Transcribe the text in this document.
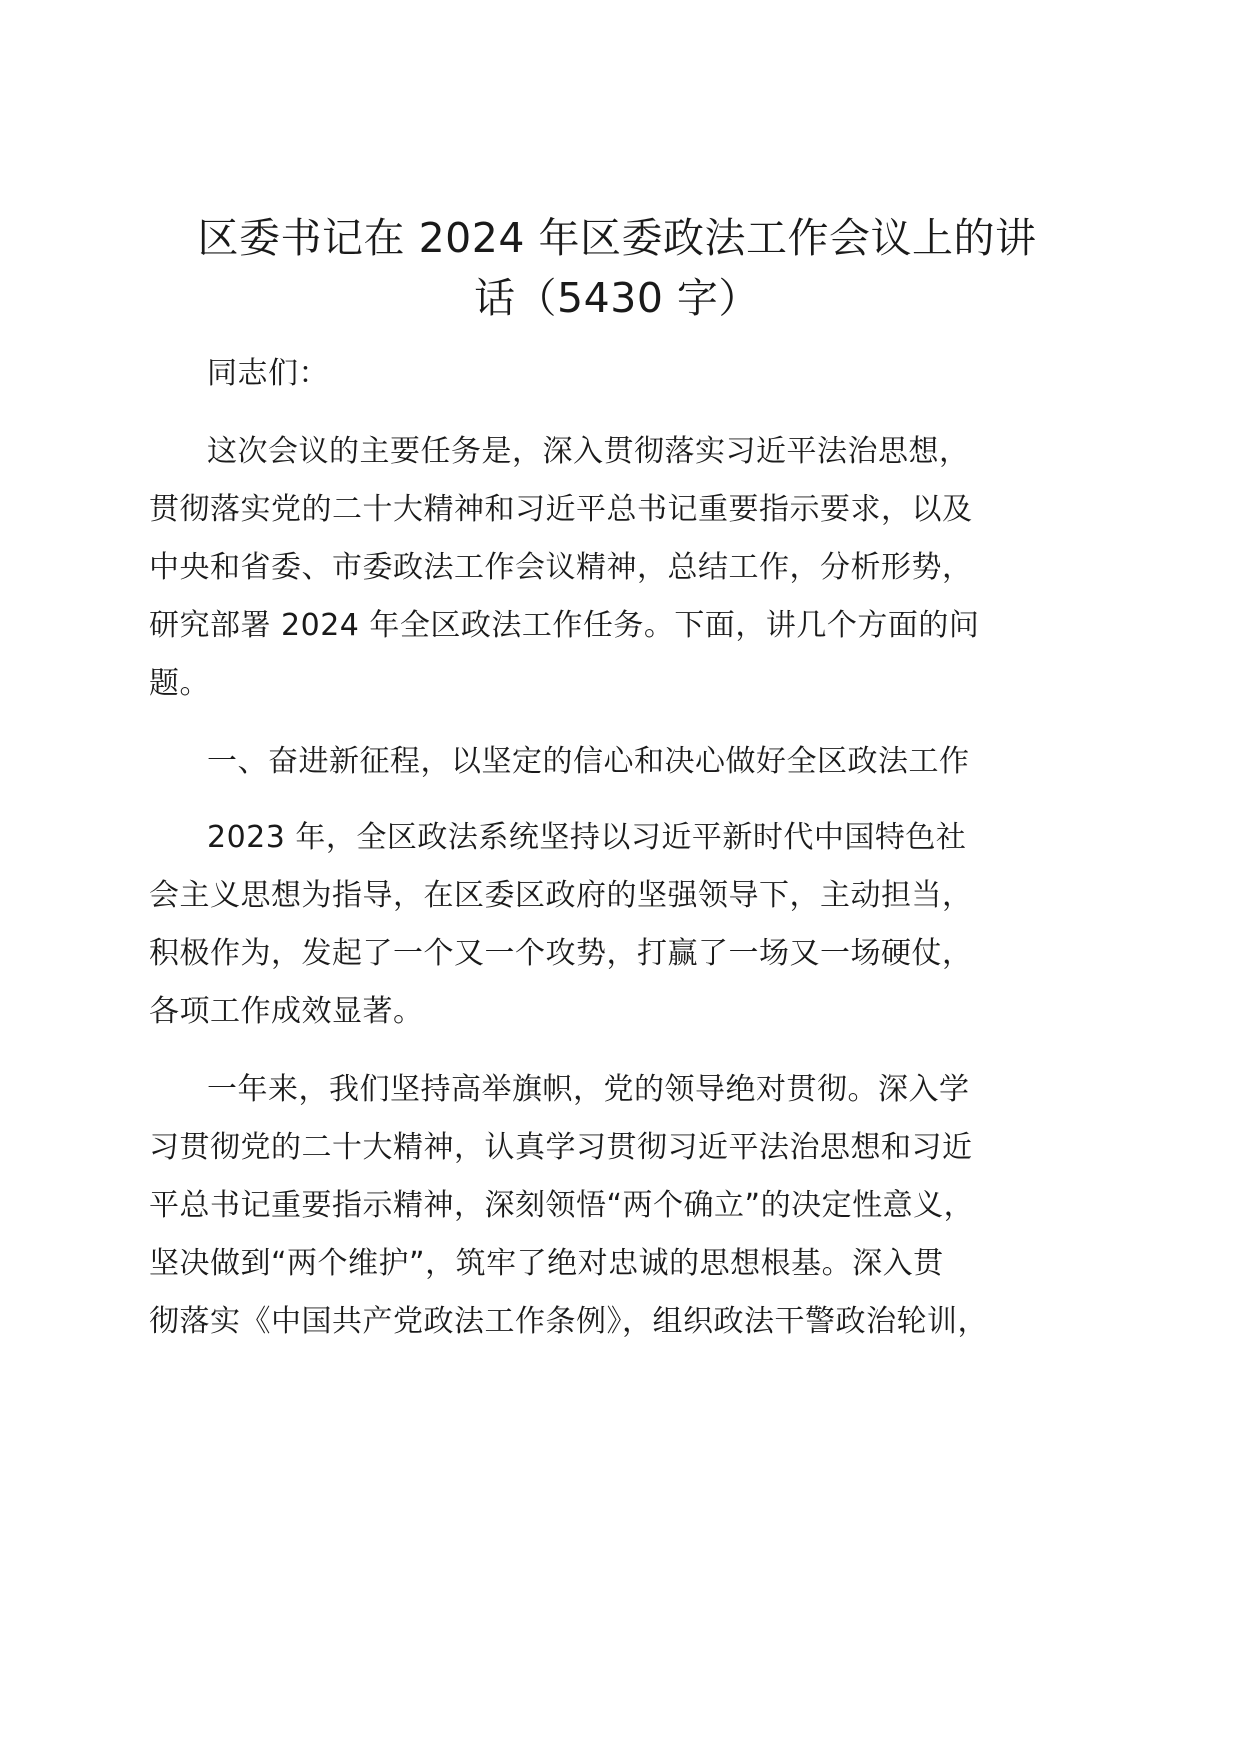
区委书记在 2024 年区委政法工作会议上的讲
话（5430 字）
同志们：
这次会议的主要任务是，深入贯彻落实习近平法治思想，
贯彻落实党的二十大精神和习近平总书记重要指示要求，以及
中央和省委、市委政法工作会议精神，总结工作，分析形势，
研究部署 2024 年全区政法工作任务。下面，讲几个方面的问
题。
一、奋进新征程，以坚定的信心和决心做好全区政法工作
2023 年，全区政法系统坚持以习近平新时代中国特色社
会主义思想为指导，在区委区政府的坚强领导下，主动担当，
积极作为，发起了一个又一个攻势，打赢了一场又一场硬仗，
各项工作成效显著。
一年来，我们坚持高举旗帜，党的领导绝对贯彻。深入学
习贯彻党的二十大精神，认真学习贯彻习近平法治思想和习近
平总书记重要指示精神，深刻领悟“两个确立”的决定性意义，
坚决做到“两个维护”，筑牢了绝对忠诚的思想根基。深入贯
彻落实《中国共产党政法工作条例》，组织政法干警政治轮训，
